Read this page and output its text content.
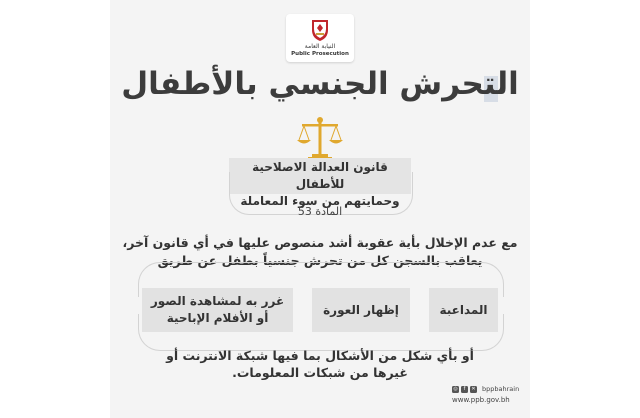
النيابة العامة
Public Prosecution
التحرش الجنسي بالأطفال
قانون العدالة الاصلاحية للأطفال
وحمايتهم من سوء المعاملة
المادة 53
مع عدم الإخلال بأية عقوبة أشد منصوص عليها في أي قانون آخر،
يعاقب بالسجن كل من تحرش جنسياً بطفل عن طريق
المداعبة
إظهار العورة
غرر به لمشاهدة الصور
أو الأفلام الإباحية
أو بأي شكل من الأشكال بما فيها شبكة الانترنت أو
غيرها من شبكات المعلومات.
◎	f	✕ bppbahrain
www.ppb.gov.bh
